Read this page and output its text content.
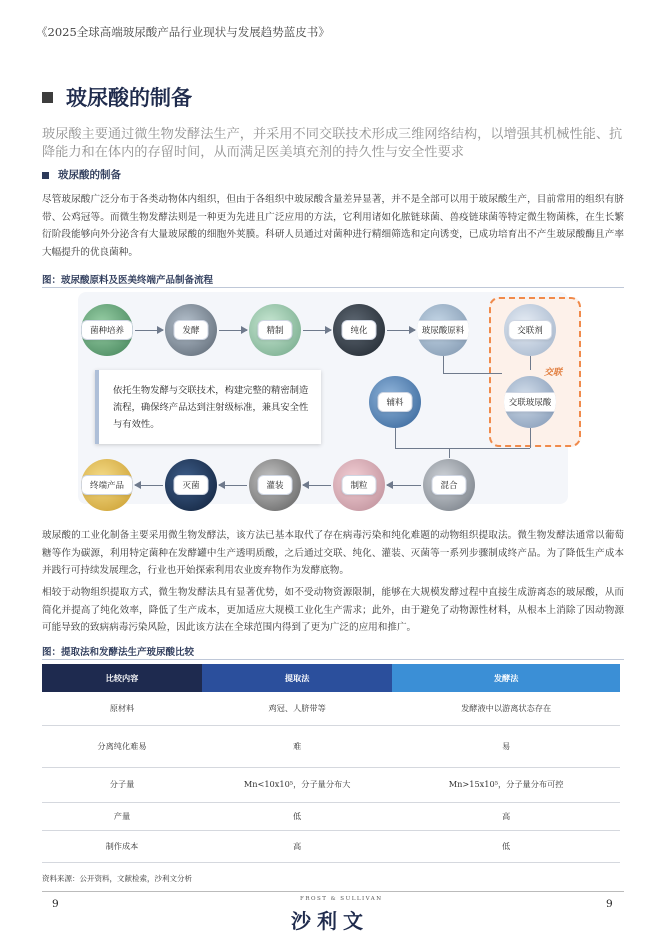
《2025全球高端玻尿酸产品行业现状与发展趋势蓝皮书》
玻尿酸的制备
玻尿酸主要通过微生物发酵法生产，并采用不同交联技术形成三维网络结构，以增强其机械性能、抗降能力和在体内的存留时间，从而满足医美填充剂的持久性与安全性要求
玻尿酸的制备
尽管玻尿酸广泛分布于各类动物体内组织，但由于各组织中玻尿酸含量差异显著，并不是全部可以用于玻尿酸生产，目前常用的组织有脐带、公鸡冠等。而微生物发酵法则是一种更为先进且广泛应用的方法，它利用诸如化脓链球菌、兽疫链球菌等特定微生物菌株，在生长繁衍阶段能够向外分泌含有大量玻尿酸的细胞外荚膜。科研人员通过对菌种进行精细筛选和定向诱变，已成功培育出不产生玻尿酸酶且产率大幅提升的优良菌种。
图：玻尿酸原料及医美终端产品制备流程
菌种培养	发酵	精制	纯化	玻尿酸原料	交联剂
交联
辅料	交联玻尿酸
依托生物发酵与交联技术，构建完整的精密制造流程，确保终产品达到注射级标准，兼具安全性与有效性。
终端产品	灭菌	灌装	制粒	混合
玻尿酸的工业化制备主要采用微生物发酵法，该方法已基本取代了存在病毒污染和纯化难题的动物组织提取法。微生物发酵法通常以葡萄糖等作为碳源，利用特定菌种在发酵罐中生产透明质酸，之后通过交联、纯化、灌装、灭菌等一系列步骤制成终产品。为了降低生产成本并践行可持续发展理念，行业也开始探索利用农业废弃物作为发酵底物。
相较于动物组织提取方式，微生物发酵法具有显著优势，如不受动物资源限制，能够在大规模发酵过程中直接生成游离态的玻尿酸，从而简化并提高了纯化效率，降低了生产成本，更加适应大规模工业化生产需求；此外，由于避免了动物源性材料，从根本上消除了因动物源可能导致的致病病毒污染风险，因此该方法在全球范围内得到了更为广泛的应用和推广。
图：提取法和发酵法生产玻尿酸比较
比较内容	提取法	发酵法
原材料	鸡冠、人脐带等	发酵液中以游离状态存在
分离纯化难易	难	易
分子量	Mn<10x10⁵，分子量分布大	Mn>15x10⁵，分子量分布可控
产量	低	高
制作成本	高	低
资料来源：公开资料，文献检索，沙利文分析
9	9
FROST & SULLIVAN
沙利文
